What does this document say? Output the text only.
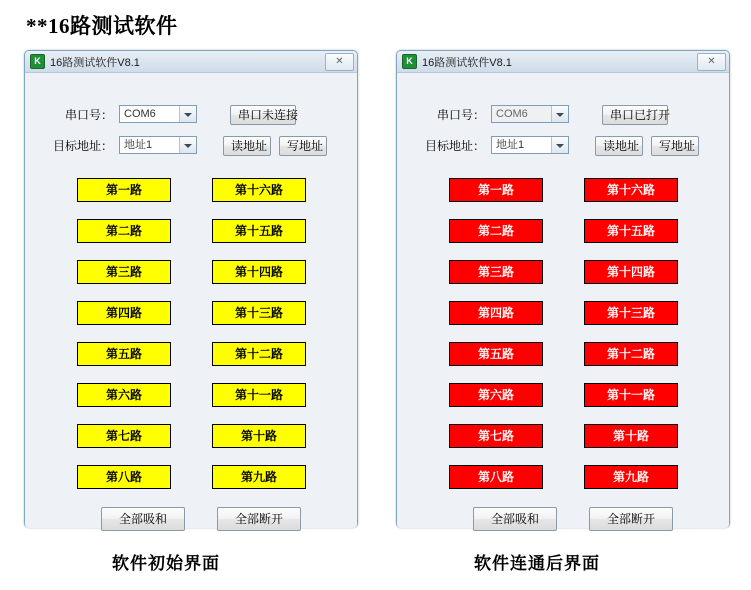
**16路测试软件
K 16路测试软件V8.1	✕
串口号：	COM6	串口未连接
目标地址：	地址1	读地址	写地址
第一路
第二路
第三路
第四路
第五路
第六路
第七路
第八路
第十六路
第十五路
第十四路
第十三路
第十二路
第十一路
第十路
第九路
全部吸和	全部断开
K 16路测试软件V8.1	✕
串口号：	COM6	串口已打开
目标地址：	地址1	读地址	写地址
第一路
第二路
第三路
第四路
第五路
第六路
第七路
第八路
第十六路
第十五路
第十四路
第十三路
第十二路
第十一路
第十路
第九路
全部吸和	全部断开
软件初始界面	软件连通后界面
